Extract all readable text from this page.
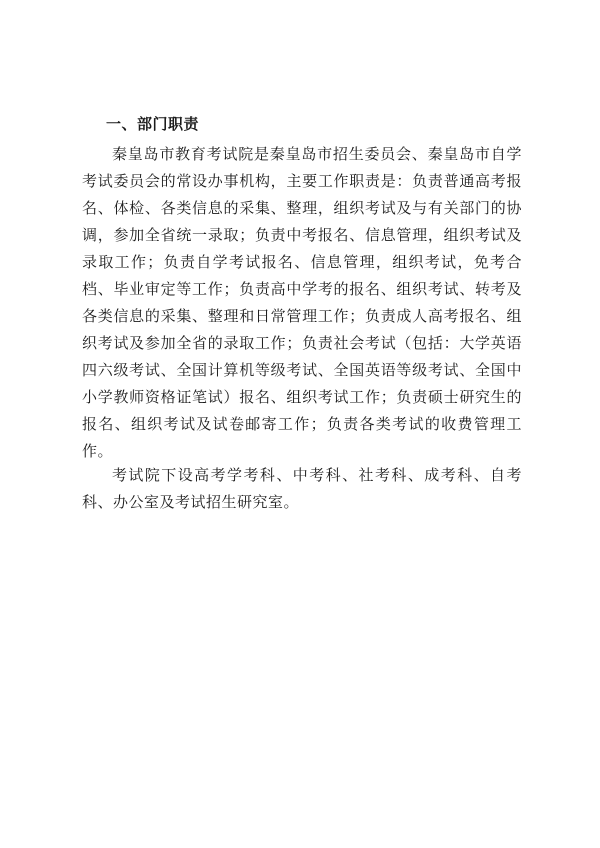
一、部门职责

秦皇岛市教育考试院是秦皇岛市招生委员会、秦皇岛市自学考试委员会的常设办事机构，主要工作职责是：负责普通高考报名、体检、各类信息的采集、整理，组织考试及与有关部门的协调，参加全省统一录取；负责中考报名、信息管理，组织考试及录取工作；负责自学考试报名、信息管理，组织考试，免考合档、毕业审定等工作；负责高中学考的报名、组织考试、转考及各类信息的采集、整理和日常管理工作；负责成人高考报名、组织考试及参加全省的录取工作；负责社会考试（包括：大学英语四六级考试、全国计算机等级考试、全国英语等级考试、全国中小学教师资格证笔试）报名、组织考试工作；负责硕士研究生的报名、组织考试及试卷邮寄工作；负责各类考试的收费管理工作。

考试院下设高考学考科、中考科、社考科、成考科、自考科、办公室及考试招生研究室。
